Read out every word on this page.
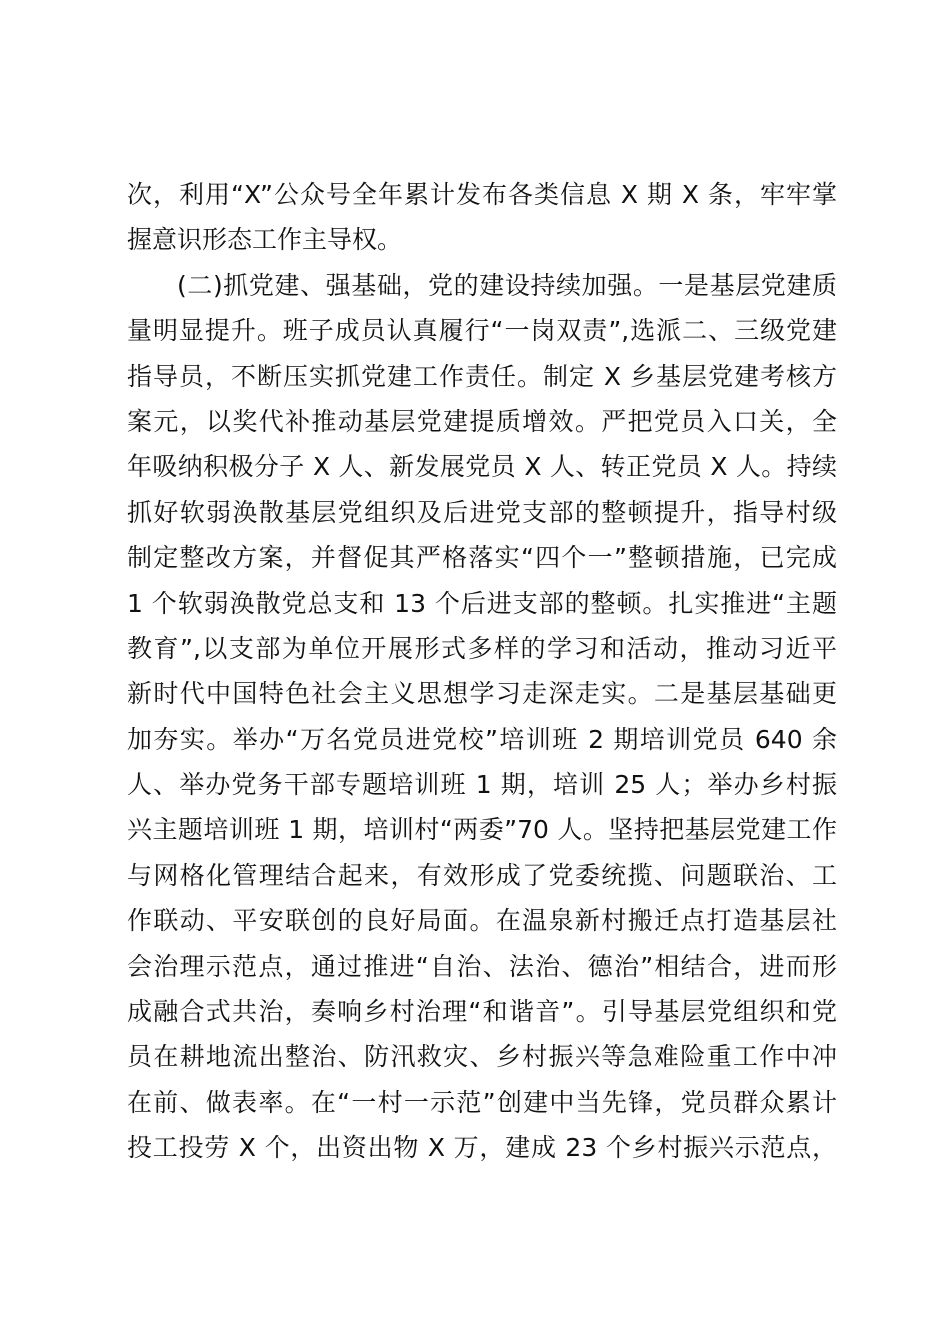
次，利用“X”公众号全年累计发布各类信息 X 期 X 条，牢牢掌
握意识形态工作主导权。
(二)抓党建、强基础，党的建设持续加强。一是基层党建质
量明显提升。班子成员认真履行“一岗双责”,选派二、三级党建
指导员，不断压实抓党建工作责任。制定 X 乡基层党建考核方
案元，以奖代补推动基层党建提质增效。严把党员入口关，全
年吸纳积极分子 X 人、新发展党员 X 人、转正党员 X 人。持续
抓好软弱涣散基层党组织及后进党支部的整顿提升，指导村级
制定整改方案，并督促其严格落实“四个一”整顿措施，已完成
1 个软弱涣散党总支和 13 个后进支部的整顿。扎实推进“主题
教育”,以支部为单位开展形式多样的学习和活动，推动习近平
新时代中国特色社会主义思想学习走深走实。二是基层基础更
加夯实。举办“万名党员进党校”培训班 2 期培训党员 640 余
人、举办党务干部专题培训班 1 期，培训 25 人；举办乡村振
兴主题培训班 1 期，培训村“两委”70 人。坚持把基层党建工作
与网格化管理结合起来，有效形成了党委统揽、问题联治、工
作联动、平安联创的良好局面。在温泉新村搬迁点打造基层社
会治理示范点，通过推进“自治、法治、德治”相结合，进而形
成融合式共治，奏响乡村治理“和谐音”。引导基层党组织和党
员在耕地流出整治、防汛救灾、乡村振兴等急难险重工作中冲
在前、做表率。在“一村一示范”创建中当先锋，党员群众累计
投工投劳 X 个，出资出物 X 万，建成 23 个乡村振兴示范点，
